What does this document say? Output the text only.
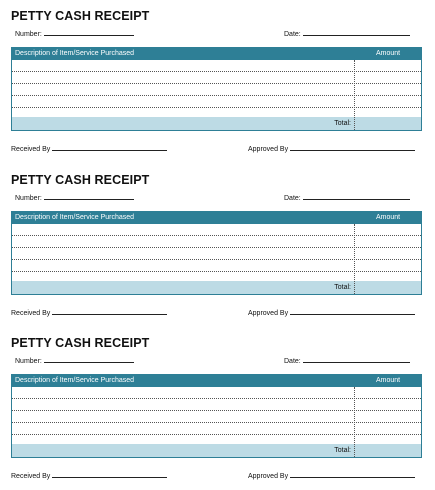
PETTY CASH RECEIPT
Number:	Date:
Description of Item/Service Purchased	Amount
Total:
Received By	Approved By
PETTY CASH RECEIPT
Number:	Date:
Description of Item/Service Purchased	Amount
Total:
Received By	Approved By
PETTY CASH RECEIPT
Number:	Date:
Description of Item/Service Purchased	Amount
Total:
Received By	Approved By
